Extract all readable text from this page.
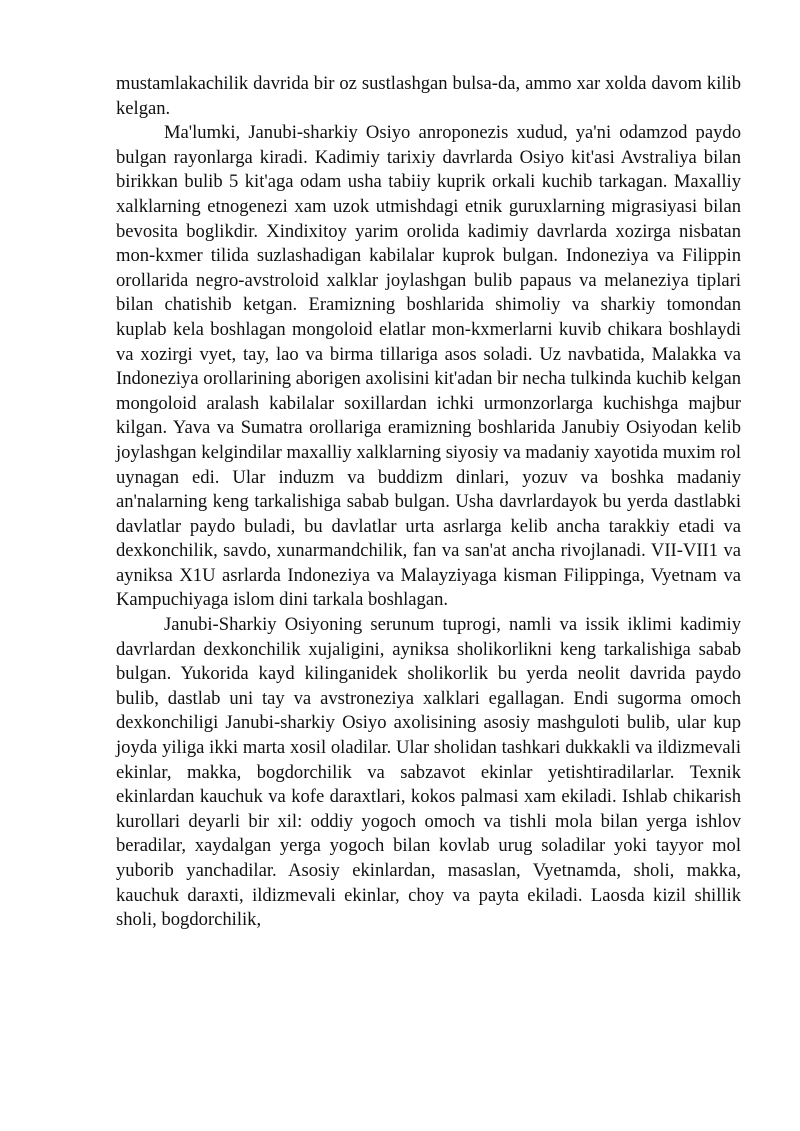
mustamlakachilik davrida bir oz sustlashgan bulsa-da, ammo xar xolda davom kilib kelgan.

Ma'lumki, Janubi-sharkiy Osiyo anroponezis xudud, ya'ni odamzod paydo bulgan rayonlarga kiradi. Kadimiy tarixiy davrlarda Osiyo kit'asi Avstraliya bilan birikkan bulib 5 kit'aga odam usha tabiiy kuprik orkali kuchib tarkagan. Maxalliy xalklarning etnogenezi xam uzok utmishdagi etnik guruxlarning migrasiyasi bilan bevosita boglikdir. Xindixitoy yarim orolida kadimiy davrlarda xozirga nisbatan mon-kxmer tilida suzlashadigan kabilalar kuprok bulgan. Indoneziya va Filippin orollarida negro-avstroloid xalklar joylashgan bulib papaus va melaneziya tiplari bilan chatishib ketgan. Eramizning boshlarida shimoliy va sharkiy tomondan kuplab kela boshlagan mongoloid elatlar mon-kxmerlarni kuvib chikara boshlaydi va xozirgi vyet, tay, lao va birma tillariga asos soladi. Uz navbatida, Malakka va Indoneziya orollarining aborigen axolisini kit'adan bir necha tulkinda kuchib kelgan mongoloid aralash kabilalar soxillardan ichki urmonzorlarga kuchishga majbur kilgan. Yava va Sumatra orollariga eramizning boshlarida Janubiy Osiyodan kelib joylashgan kelgindilar maxalliy xalklarning siyosiy va madaniy xayotida muxim rol uynagan edi. Ular induzm va buddizm dinlari, yozuv va boshka madaniy an'nalarning keng tarkalishiga sabab bulgan. Usha davrlardayok bu yerda dastlabki davlatlar paydo buladi, bu davlatlar urta asrlarga kelib ancha tarakkiy etadi va dexkonchilik, savdo, xunarmandchilik, fan va san'at ancha rivojlanadi. VII-VII1 va ayniksa X1U asrlarda Indoneziya va Malayziyaga kisman Filippinga, Vyetnam va Kampuchiyaga islom dini tarkala boshlagan.

Janubi-Sharkiy Osiyoning serunum tuprogi, namli va issik iklimi kadimiy davrlardan dexkonchilik xujaligini, ayniksa sholikorlikni keng tarkalishiga sabab bulgan. Yukorida kayd kilinganidek sholikorlik bu yerda neolit davrida paydo bulib, dastlab uni tay va avstroneziya xalklari egallagan. Endi sugorma omoch dexkonchiligi Janubi-sharkiy Osiyo axolisining asosiy mashguloti bulib, ular kup joyda yiliga ikki marta xosil oladilar. Ular sholidan tashkari dukkakli va ildizmevali ekinlar, makka, bogdorchilik va sabzavot ekinlar yetishtiradilarlar. Texnik ekinlardan kauchuk va kofe daraxtlari, kokos palmasi xam ekiladi. Ishlab chikarish kurollari deyarli bir xil: oddiy yogoch omoch va tishli mola bilan yerga ishlov beradilar, xaydalgan yerga yogoch bilan kovlab urug soladilar yoki tayyor mol yuborib yanchadilar. Asosiy ekinlardan, masaslan, Vyetnamda, sholi, makka, kauchuk daraxti, ildizmevali ekinlar, choy va payta ekiladi. Laosda kizil shillik sholi, bogdorchilik,
